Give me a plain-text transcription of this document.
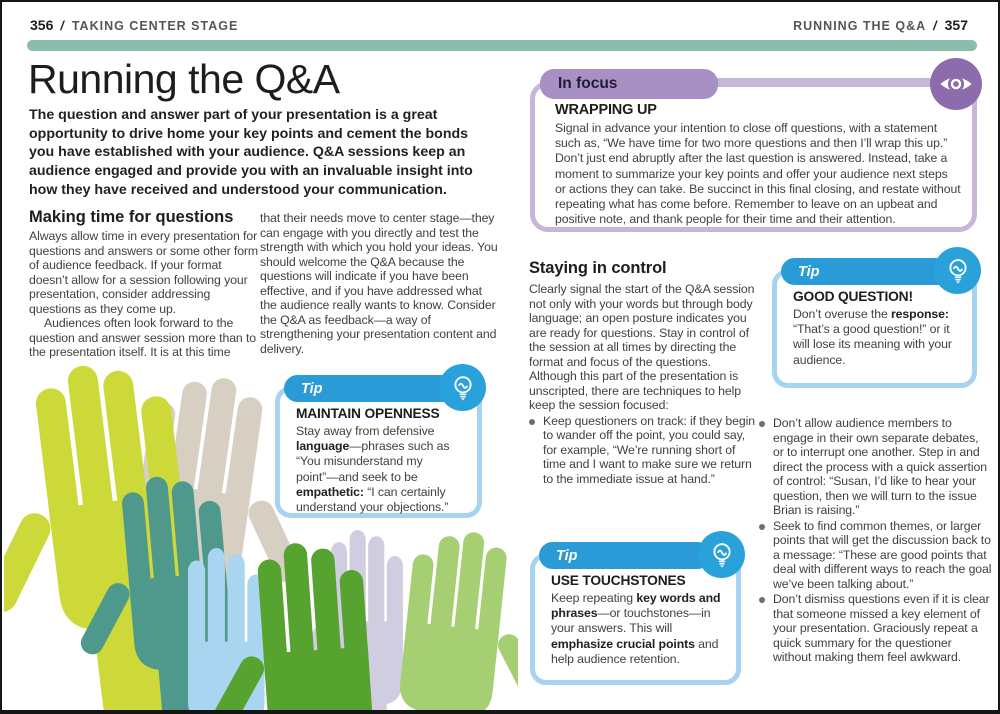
356 / TAKING CENTER STAGE	RUNNING THE Q&A / 357
Running the Q&A
The question and answer part of your presentation is a great opportunity to drive home your key points and cement the bonds you have established with your audience. Q&A sessions keep an audience engaged and provide you with an invaluable insight into how they have received and understood your communication.
Making time for questions

Always allow time in every presentation for questions and answers or some other form of audience feedback. If your format doesn’t allow for a session following your presentation, consider addressing questions as they come up.

Audiences often look forward to the question and answer session more than to the presentation itself. It is at this time

that their needs move to center stage—they can engage with you directly and test the strength with which you hold your ideas. You should welcome the Q&A because the questions will indicate if you have been effective, and if you have addressed what the audience really wants to know. Consider the Q&A as feedback—a way of strengthening your presentation content and delivery.
Tip

MAINTAIN OPENNESS

Stay away from defensive language—phrases such as “You misunderstand my point”—and seek to be empathetic: “I can certainly understand your objections.”

In focus

WRAPPING UP

Signal in advance your intention to close off questions, with a statement such as, “We have time for two more questions and then I’ll wrap this up.” Don’t just end abruptly after the last question is answered. Instead, take a moment to summarize your key points and offer your audience next steps or actions they can take. Be succinct in this final closing, and restate without repeating what has come before. Remember to leave on an upbeat and positive note, and thank people for their time and their attention.

Staying in control

Clearly signal the start of the Q&A session not only with your words but through body language; an open posture indicates you are ready for questions. Stay in control of the session at all times by directing the format and focus of the questions. Although this part of the presentation is unscripted, there are techniques to help keep the session focused:

Keep questioners on track: if they begin to wander off the point, you could say, for example, “We’re running short of time and I want to make sure we return to the immediate issue at hand.”
Tip

GOOD QUESTION!

Don’t overuse the response: “That’s a good question!” or it will lose its meaning with your audience.

Don’t allow audience members to engage in their own separate debates, or to interrupt one another. Step in and direct the process with a quick assertion of control: “Susan, I’d like to hear your question, then we will turn to the issue Brian is raising.”
Seek to find common themes, or larger points that will get the discussion back to a message: “These are good points that deal with different ways to reach the goal we’ve been talking about.”
Don’t dismiss questions even if it is clear that someone missed a key element of your presentation. Graciously repeat a quick summary for the questioner without making them feel awkward.
Tip

USE TOUCHSTONES

Keep repeating key words and phrases—or touchstones—in your answers. This will emphasize crucial points and help audience retention.
